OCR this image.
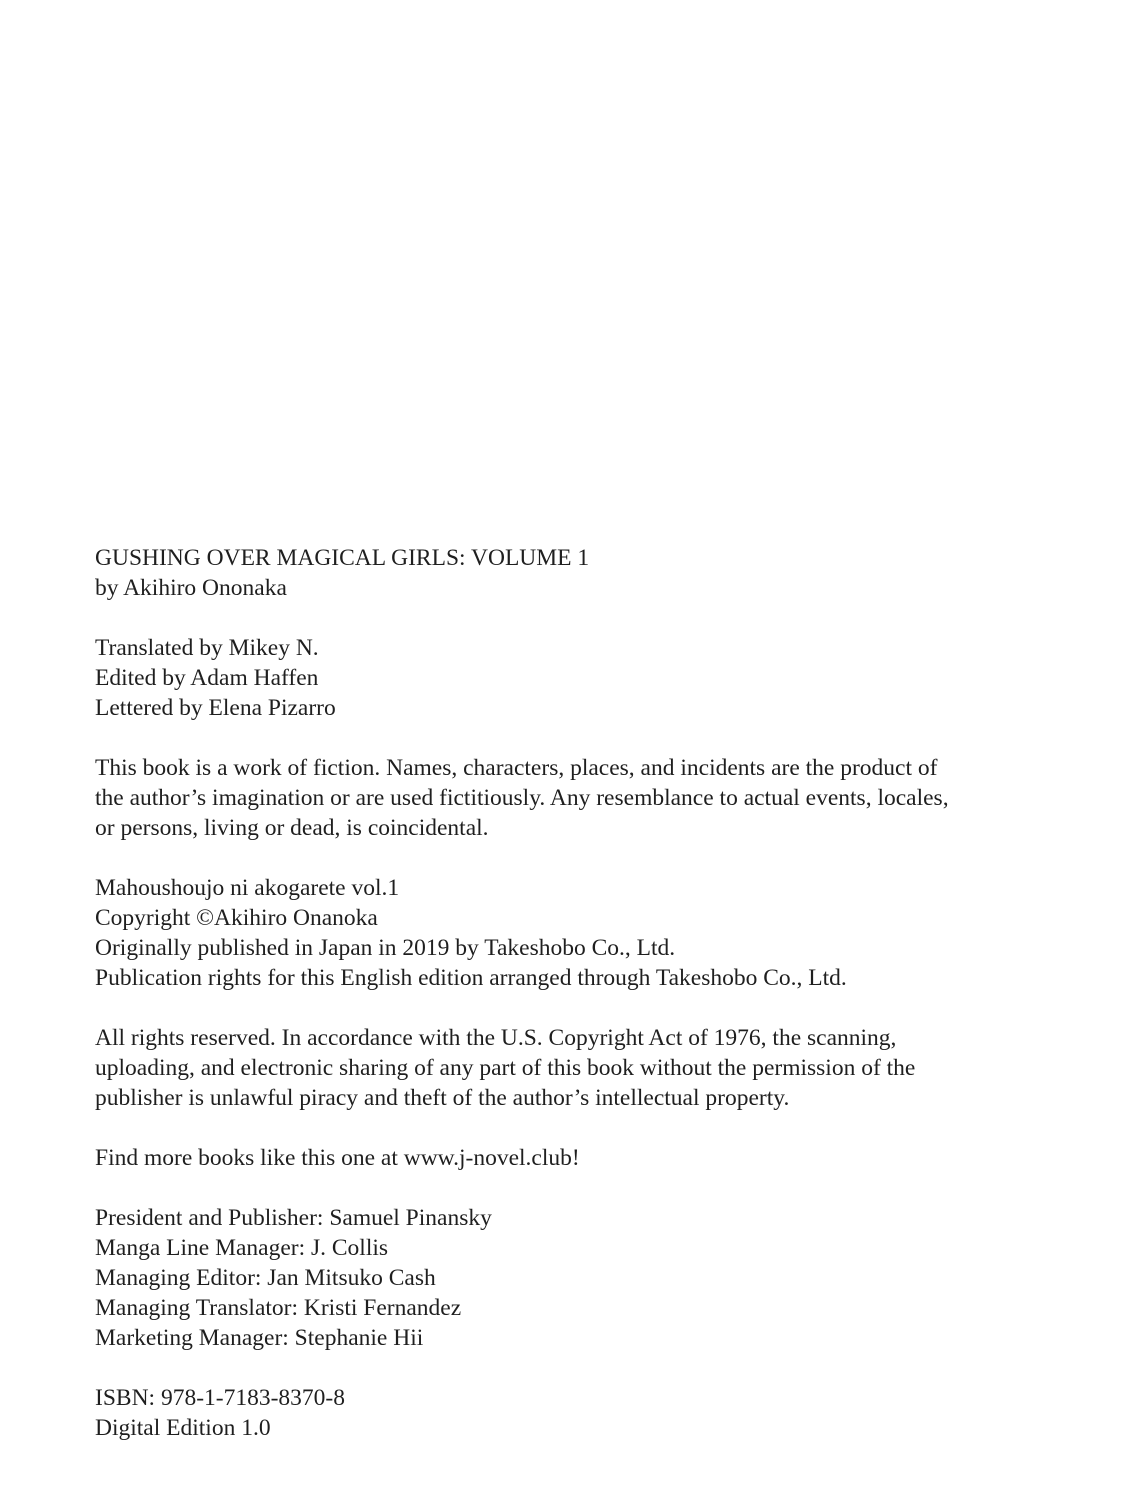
GUSHING OVER MAGICAL GIRLS: VOLUME 1
by Akihiro Ononaka
Translated by Mikey N.
Edited by Adam Haffen
Lettered by Elena Pizarro
This book is a work of fiction. Names, characters, places, and incidents are the product of
the author’s imagination or are used fictitiously. Any resemblance to actual events, locales,
or persons, living or dead, is coincidental.
Mahoushoujo ni akogarete vol.1
Copyright ©Akihiro Onanoka
Originally published in Japan in 2019 by Takeshobo Co., Ltd.
Publication rights for this English edition arranged through Takeshobo Co., Ltd.
All rights reserved. In accordance with the U.S. Copyright Act of 1976, the scanning,
uploading, and electronic sharing of any part of this book without the permission of the
publisher is unlawful piracy and theft of the author’s intellectual property.
Find more books like this one at www.j-novel.club!
President and Publisher: Samuel Pinansky
Manga Line Manager: J. Collis
Managing Editor: Jan Mitsuko Cash
Managing Translator: Kristi Fernandez
Marketing Manager: Stephanie Hii
ISBN: 978-1-7183-8370-8
Digital Edition 1.0
